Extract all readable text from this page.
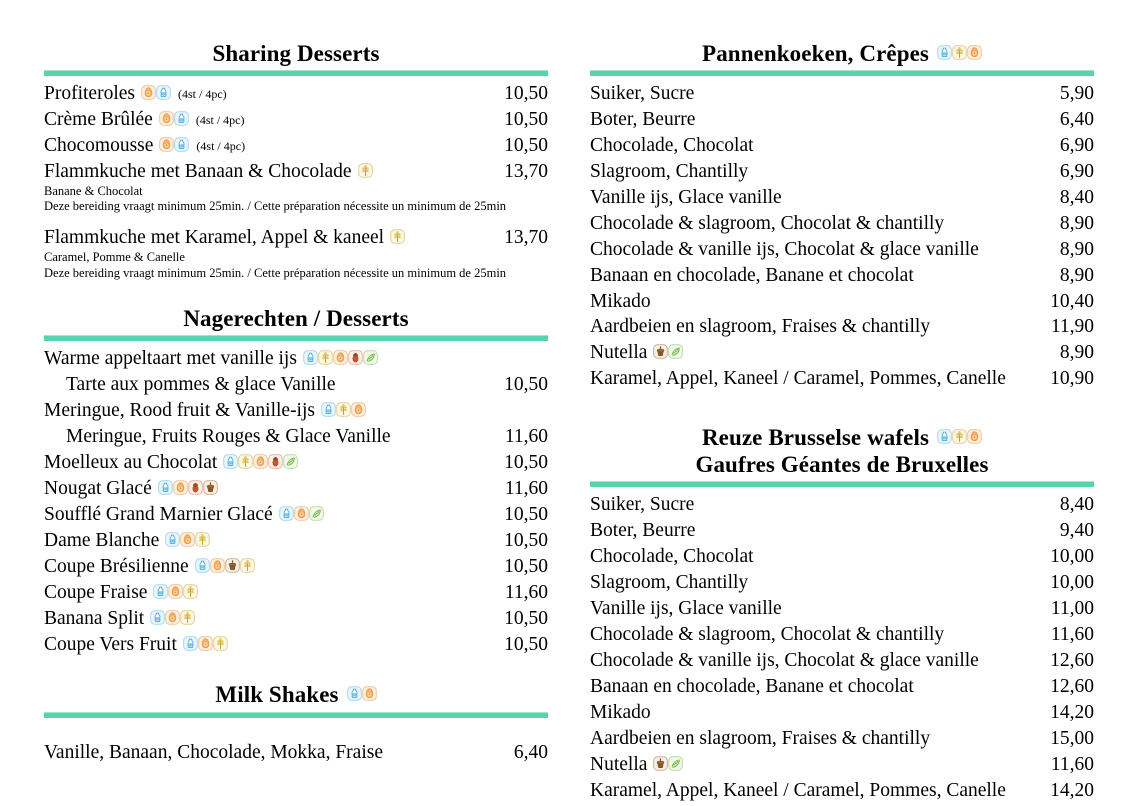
Sharing Desserts
Profiteroles	(4st / 4pc)	10,50
Crème Brûlée	(4st / 4pc)	10,50
Chocomousse	(4st / 4pc)	10,50
Flammkuche met Banaan & Chocolade	13,70
Banane & Chocolat
Deze bereiding vraagt minimum 25min. / Cette préparation nécessite un minimum de 25min
Flammkuche met Karamel, Appel & kaneel	13,70
Caramel, Pomme & Canelle
Deze bereiding vraagt minimum 25min. / Cette préparation nécessite un minimum de 25min
Nagerechten / Desserts
Warme appeltaart met vanille ijs
Tarte aux pommes & glace Vanille	10,50
Meringue, Rood fruit & Vanille-ijs
Meringue, Fruits Rouges & Glace Vanille	11,60
Moelleux au Chocolat	10,50
Nougat Glacé	11,60
Soufflé Grand Marnier Glacé	10,50
Dame Blanche	10,50
Coupe Brésilienne	10,50
Coupe Fraise	11,60
Banana Split	10,50
Coupe Vers Fruit	10,50
Milk Shakes
Vanille, Banaan, Chocolade, Mokka, Fraise	6,40
Pannenkoeken, Crêpes
Suiker, Sucre	5,90
Boter, Beurre	6,40
Chocolade, Chocolat	6,90
Slagroom, Chantilly	6,90
Vanille ijs, Glace vanille	8,40
Chocolade & slagroom, Chocolat & chantilly	8,90
Chocolade & vanille ijs, Chocolat & glace vanille	8,90
Banaan en chocolade, Banane et chocolat	8,90
Mikado	10,40
Aardbeien en slagroom, Fraises & chantilly	11,90
Nutella	8,90
Karamel, Appel, Kaneel / Caramel, Pommes, Canelle	10,90
Reuze Brusselse wafels
Gaufres Géantes de Bruxelles
Suiker, Sucre	8,40
Boter, Beurre	9,40
Chocolade, Chocolat	10,00
Slagroom, Chantilly	10,00
Vanille ijs, Glace vanille	11,00
Chocolade & slagroom, Chocolat & chantilly	11,60
Chocolade & vanille ijs, Chocolat & glace vanille	12,60
Banaan en chocolade, Banane et chocolat	12,60
Mikado	14,20
Aardbeien en slagroom, Fraises & chantilly	15,00
Nutella	11,60
Karamel, Appel, Kaneel / Caramel, Pommes, Canelle	14,20
